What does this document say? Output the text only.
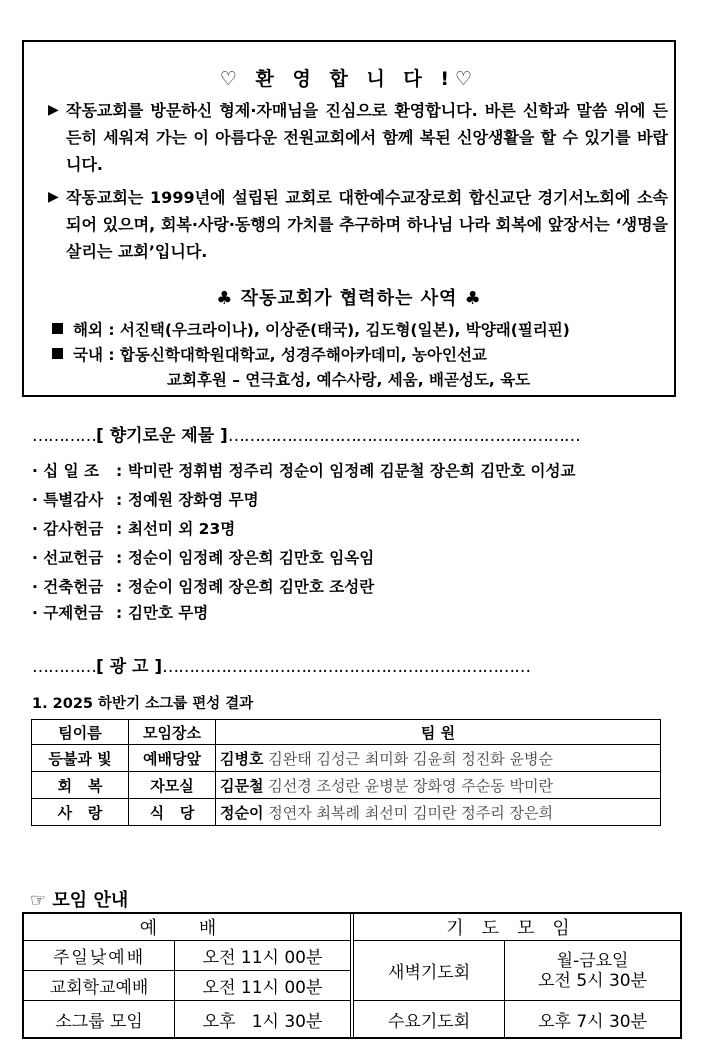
♡ 환 영 합 니 다 !♡
▶ 작동교회를 방문하신 형제·자매님을 진심으로 환영합니다. 바른 신학과 말씀 위에 든든히 세워져 가는 이 아름다운 전원교회에서 함께 복된 신앙생활을 할 수 있기를 바랍니다.
▶ 작동교회는 1999년에 설립된 교회로 대한예수교장로회 합신교단 경기서노회에 소속되어 있으며, 회복·사랑·동행의 가치를 추구하며 하나님 나라 회복에 앞장서는 ‘생명을 살리는 교회’입니다.
♣ 작동교회가 협력하는 사역 ♣
해외 : 서진택(우크라이나), 이상준(태국), 김도형(일본), 박양래(필리핀)
국내 : 합동신학대학원대학교, 성경주해아카데미, 농아인선교
교회후원 – 연극효성, 예수사랑, 세움, 배곧성도, 육도
…………[ 향기로운 제물 ]…………………………………………………………
· 십 일 조 : 박미란 정휘범 정주리 정순이 임정례 김문철 장은희 김만호 이성교
· 특별감사 : 정예원 장화영 무명
· 감사헌금 : 최선미 외 23명
· 선교헌금 : 정순이 임정례 장은희 김만호 임옥임
· 건축헌금 : 정순이 임정례 장은희 김만호 조성란
· 구제헌금 : 김만호 무명
…………[ 광 고 ]……………………………………………………………
1. 2025 하반기 소그룹 편성 결과
팀이름	모임장소	팀 원
등불과 빛	예배당앞	김병호 김완태 김성근 최미화 김윤희 정진화 윤병순
회   복	자모실	김문철 김선경 조성란 윤병분 장화영 주순동 박미란
사   랑	식   당	정순이 정연자 최복례 최선미 김미란 정주리 장은희
☞ 모임 안내
예 배			기도모임	
주일낮예배	오전 11시 00분		새벽기도회	월-금요일
오전 5시 30분

교회학교예배	오전 11시 00분			
소그룹 모임	오후   1시 30분		수요기도회	오후 7시 30분
